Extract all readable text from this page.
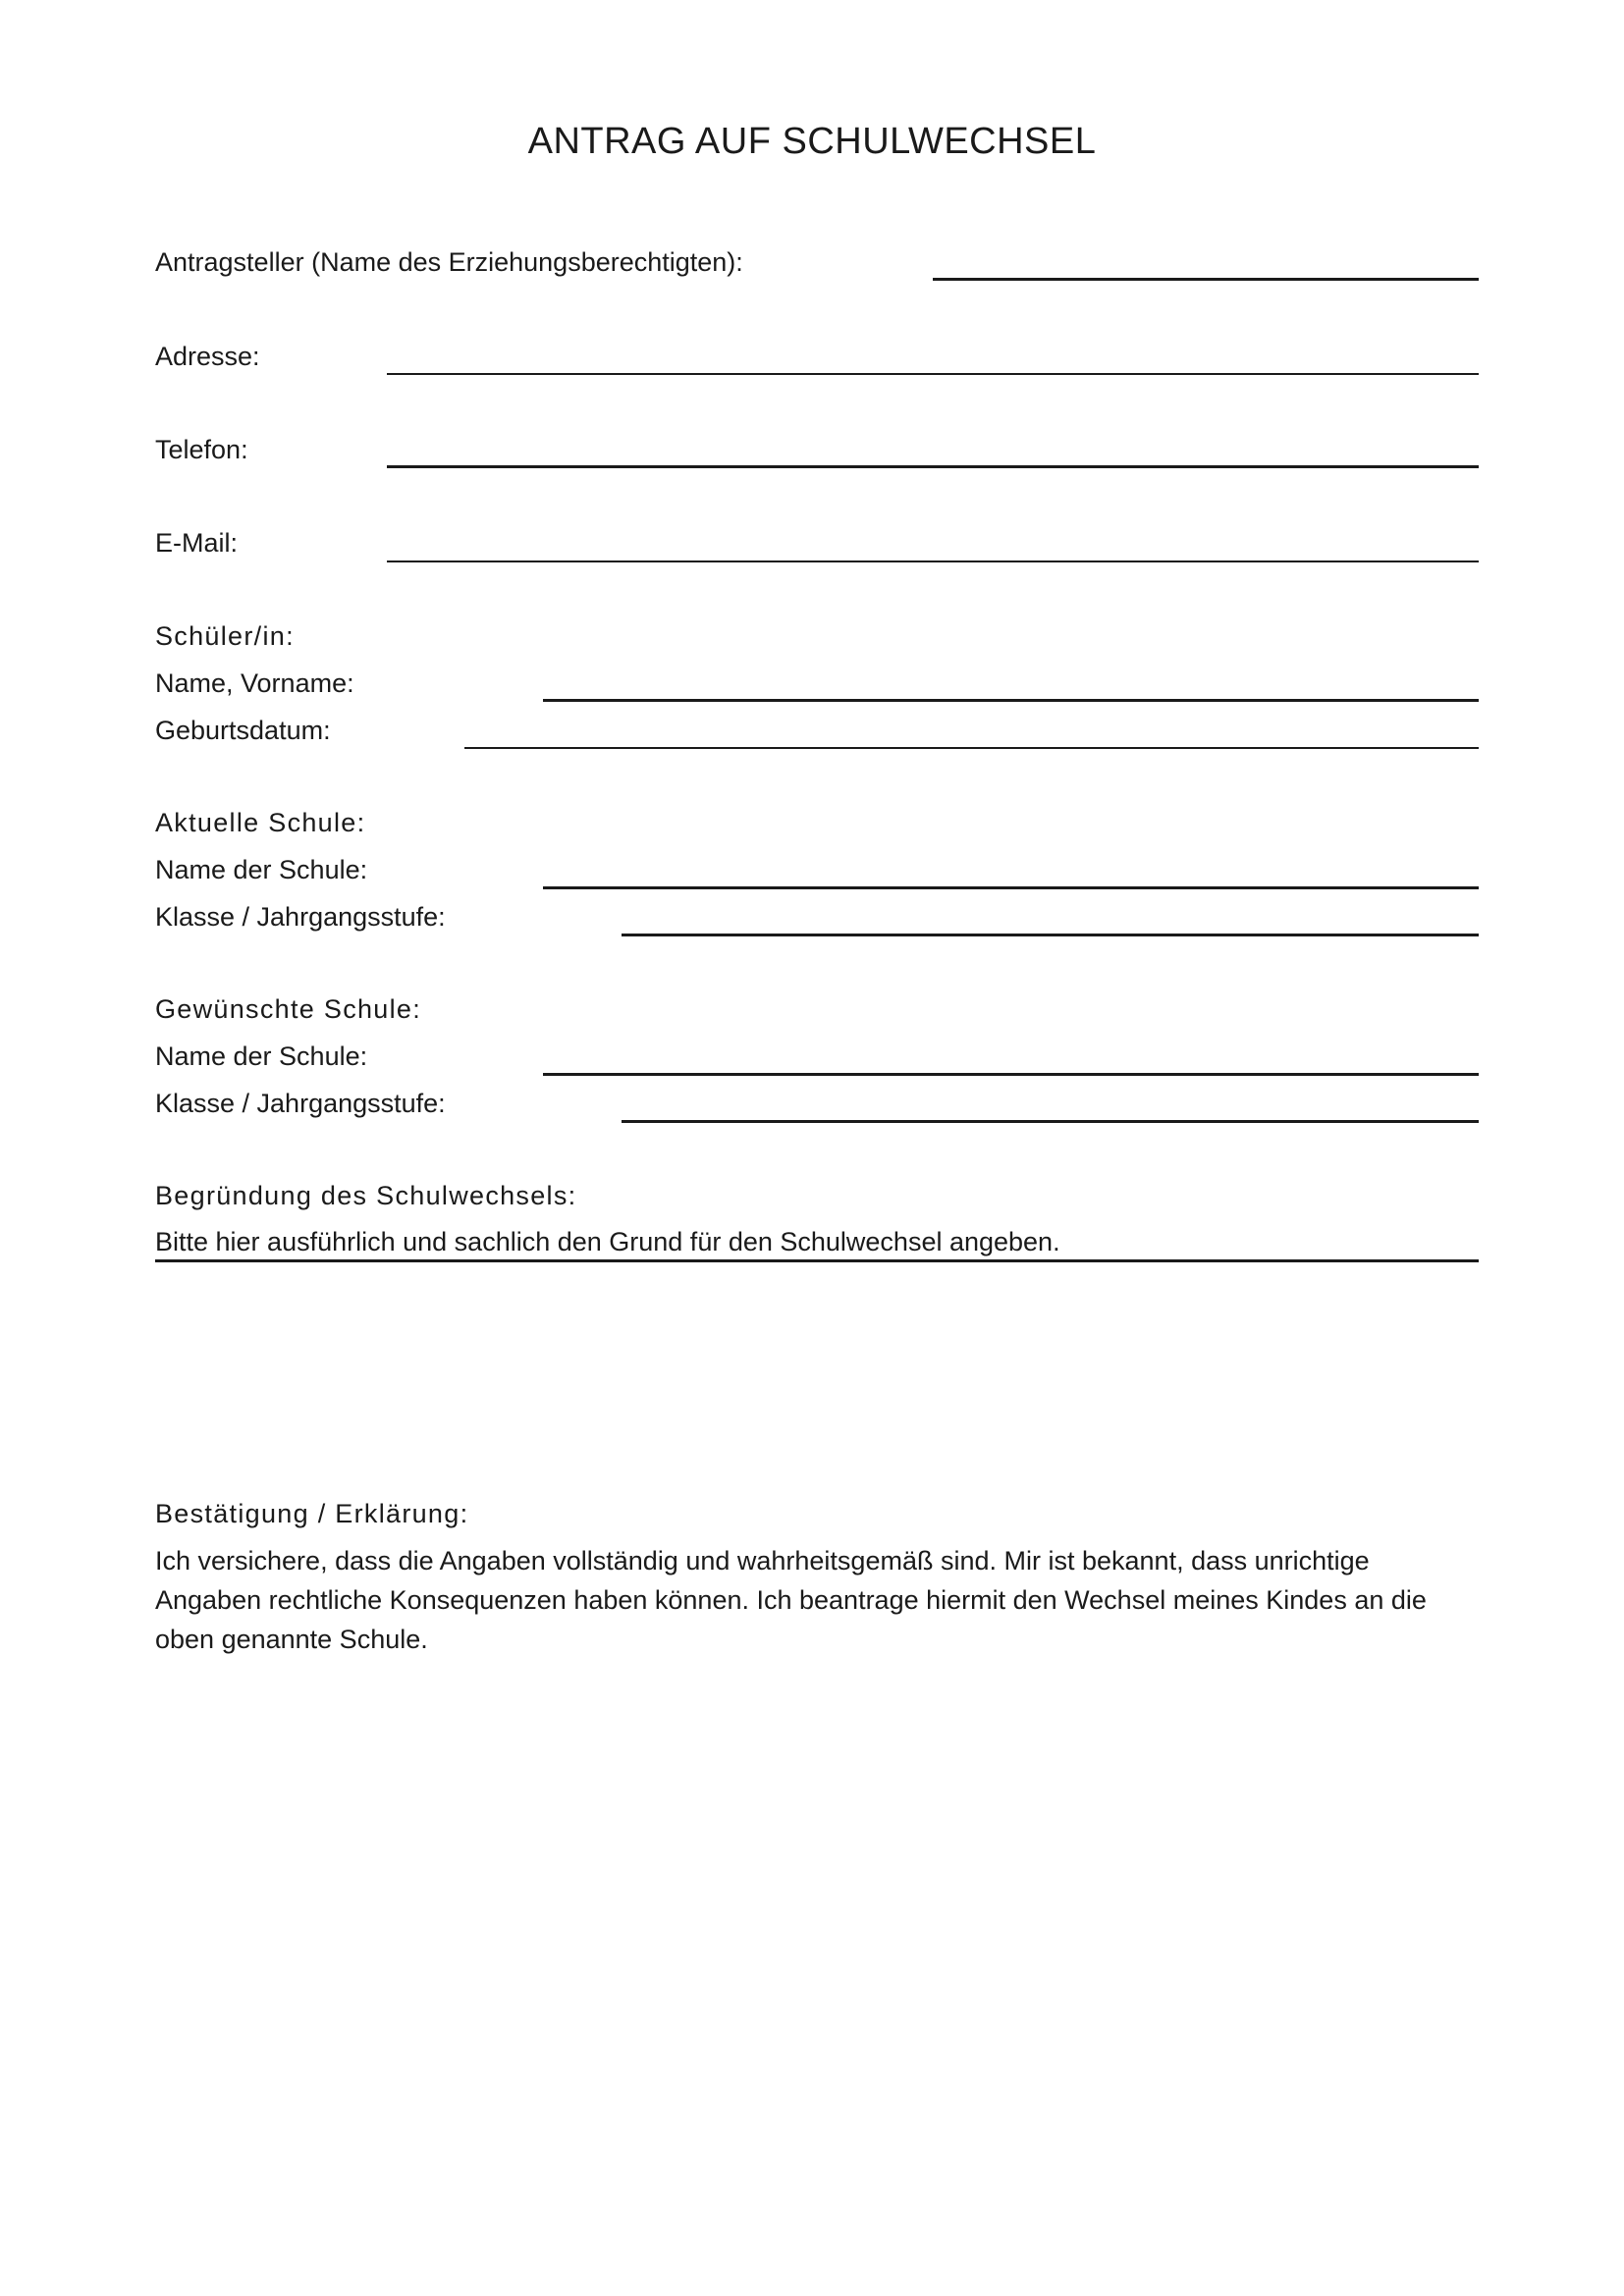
ANTRAG AUF SCHULWECHSEL
Antragsteller (Name des Erziehungsberechtigten):
Adresse:
Telefon:
E-Mail:
Schüler/in:
Name, Vorname:
Geburtsdatum:
Aktuelle Schule:
Name der Schule:
Klasse / Jahrgangsstufe:
Gewünschte Schule:
Name der Schule:
Klasse / Jahrgangsstufe:
Begründung des Schulwechsels:
Bitte hier ausführlich und sachlich den Grund für den Schulwechsel angeben.
Bestätigung / Erklärung:
Ich versichere, dass die Angaben vollständig und wahrheitsgemäß sind. Mir ist bekannt, dass unrichtige Angaben rechtliche Konsequenzen haben können. Ich beantrage hiermit den Wechsel meines Kindes an die oben genannte Schule.
